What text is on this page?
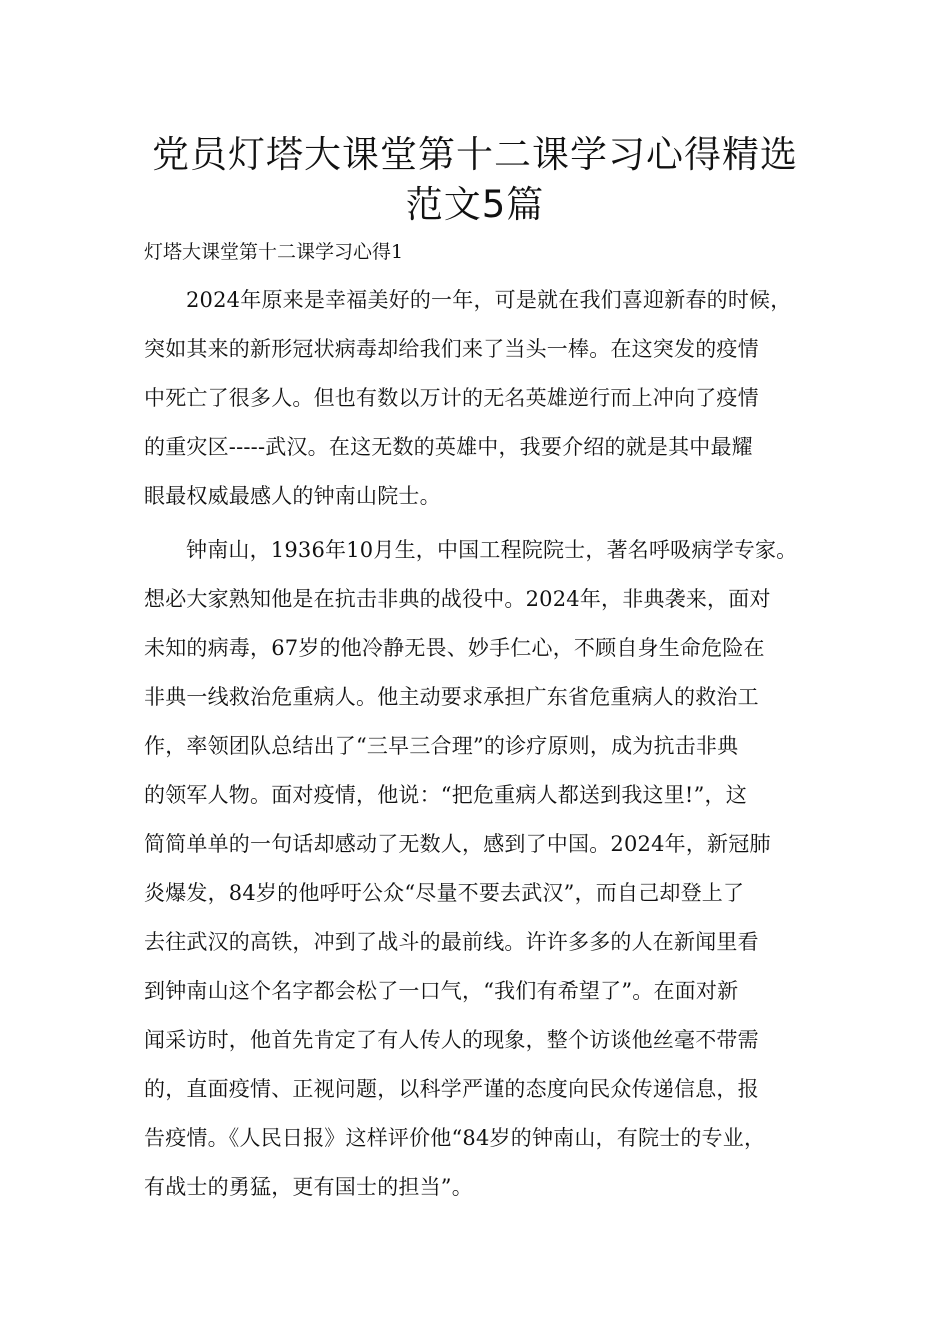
党员灯塔大课堂第十二课学习心得精选
范文5篇

灯塔大课堂第十二课学习心得1

2024年原来是幸福美好的一年，可是就在我们喜迎新春的时候，

突如其来的新形冠状病毒却给我们来了当头一棒。在这突发的疫情

中死亡了很多人。但也有数以万计的无名英雄逆行而上冲向了疫情

的重灾区-----武汉。在这无数的英雄中，我要介绍的就是其中最耀

眼最权威最感人的钟南山院士。

钟南山，1936年10月生，中国工程院院士，著名呼吸病学专家。

想必大家熟知他是在抗击非典的战役中。2024年，非典袭来，面对

未知的病毒，67岁的他冷静无畏、妙手仁心，不顾自身生命危险在

非典一线救治危重病人。他主动要求承担广东省危重病人的救治工

作，率领团队总结出了“三早三合理”的诊疗原则，成为抗击非典

的领军人物。面对疫情，他说：“把危重病人都送到我这里!”，这

简简单单的一句话却感动了无数人，感到了中国。2024年，新冠肺

炎爆发，84岁的他呼吁公众“尽量不要去武汉”，而自己却登上了

去往武汉的高铁，冲到了战斗的最前线。许许多多的人在新闻里看

到钟南山这个名字都会松了一口气，“我们有希望了”。在面对新

闻采访时，他首先肯定了有人传人的现象，整个访谈他丝毫不带需

的，直面疫情、正视问题，以科学严谨的态度向民众传递信息，报

告疫情。《人民日报》这样评价他“84岁的钟南山，有院士的专业，

有战士的勇猛，更有国士的担当”。
